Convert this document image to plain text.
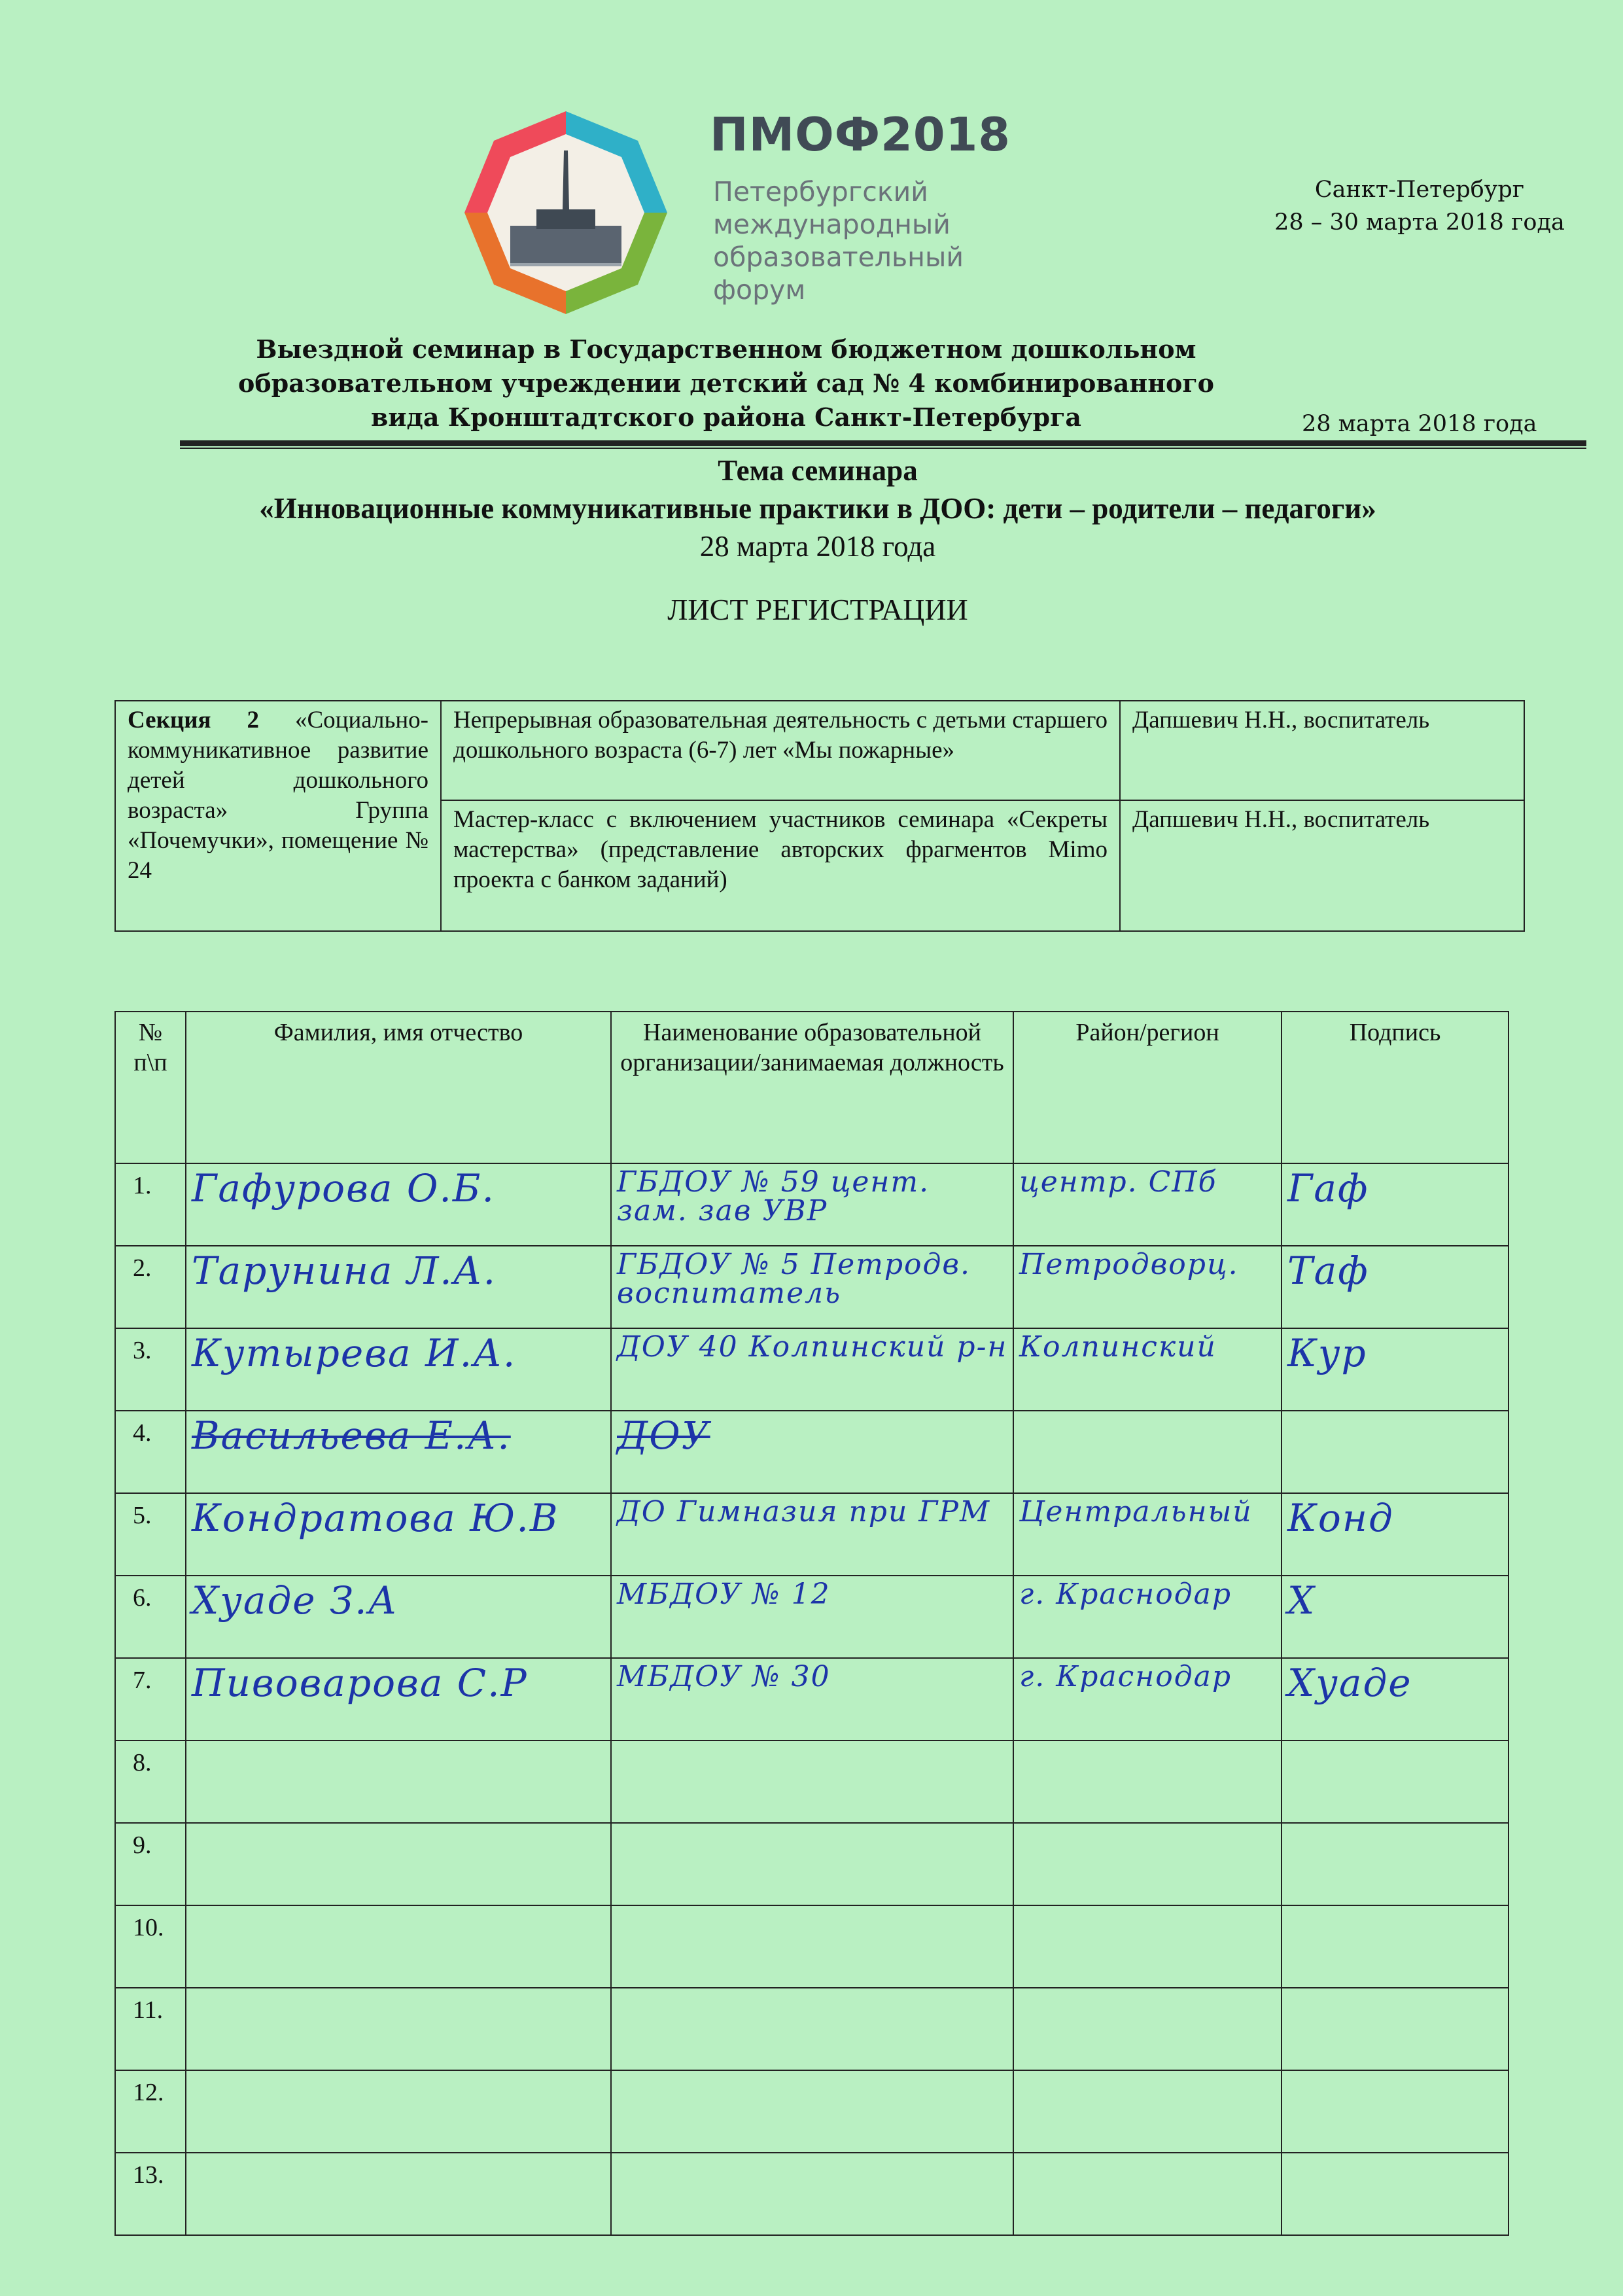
ПМОФ2018
Петербургский
международный
образовательный
форум
Санкт-Петербург
28 – 30 марта 2018 года
Выездной семинар в Государственном бюджетном дошкольном
образовательном учреждении детский сад № 4 комбинированного
вида Кронштадтского района Санкт-Петербурга	28 марта 2018 года
Тема семинара
«Инновационные коммуникативные практики в ДОО: дети – родители – педагоги»
28 марта 2018 года
ЛИСТ РЕГИСТРАЦИИ
Секция 2 «Социально-коммуникативное развитие детей дошкольного возраста» Группа «Почемучки», помещение № 24	Непрерывная образовательная деятельность с детьми старшего дошкольного возраста (6-7) лет «Мы пожарные»	Дапшевич Н.Н., воспитатель
	Мастер-класс с включением участников семинара «Секреты мастерства» (представление авторских фрагментов Mimo проекта с банком заданий)	Дапшевич Н.Н., воспитатель
№ п\п	Фамилия, имя отчество	Наименование образовательной организации/занимаемая должность	Район/регион	Подпись
1.	Гафурова О.Б.	ГБДОУ № 59 цент. зам. зав УВР	центр. СПб	Гаф

2.	Тарунина Л.А.	ГБДОУ № 5 Петродв. воспитатель	Петродворц.	Таф

3.	Кутырева И.А.	ДОУ 40 Колпинский р-н	Колпинский	Кур

4.	Васильева Е.А.	ДОУ		

5.	Кондратова Ю.В	ДО Гимназия при ГРМ	Центральный	Конд

6.	Хуаде З.А	МБДОУ № 12	г. Краснодар	Х

7.	Пивоварова С.Р	МБДОУ № 30	г. Краснодар	Хуаде

8.				
9.				
10.				
11.				
12.				
13.				
